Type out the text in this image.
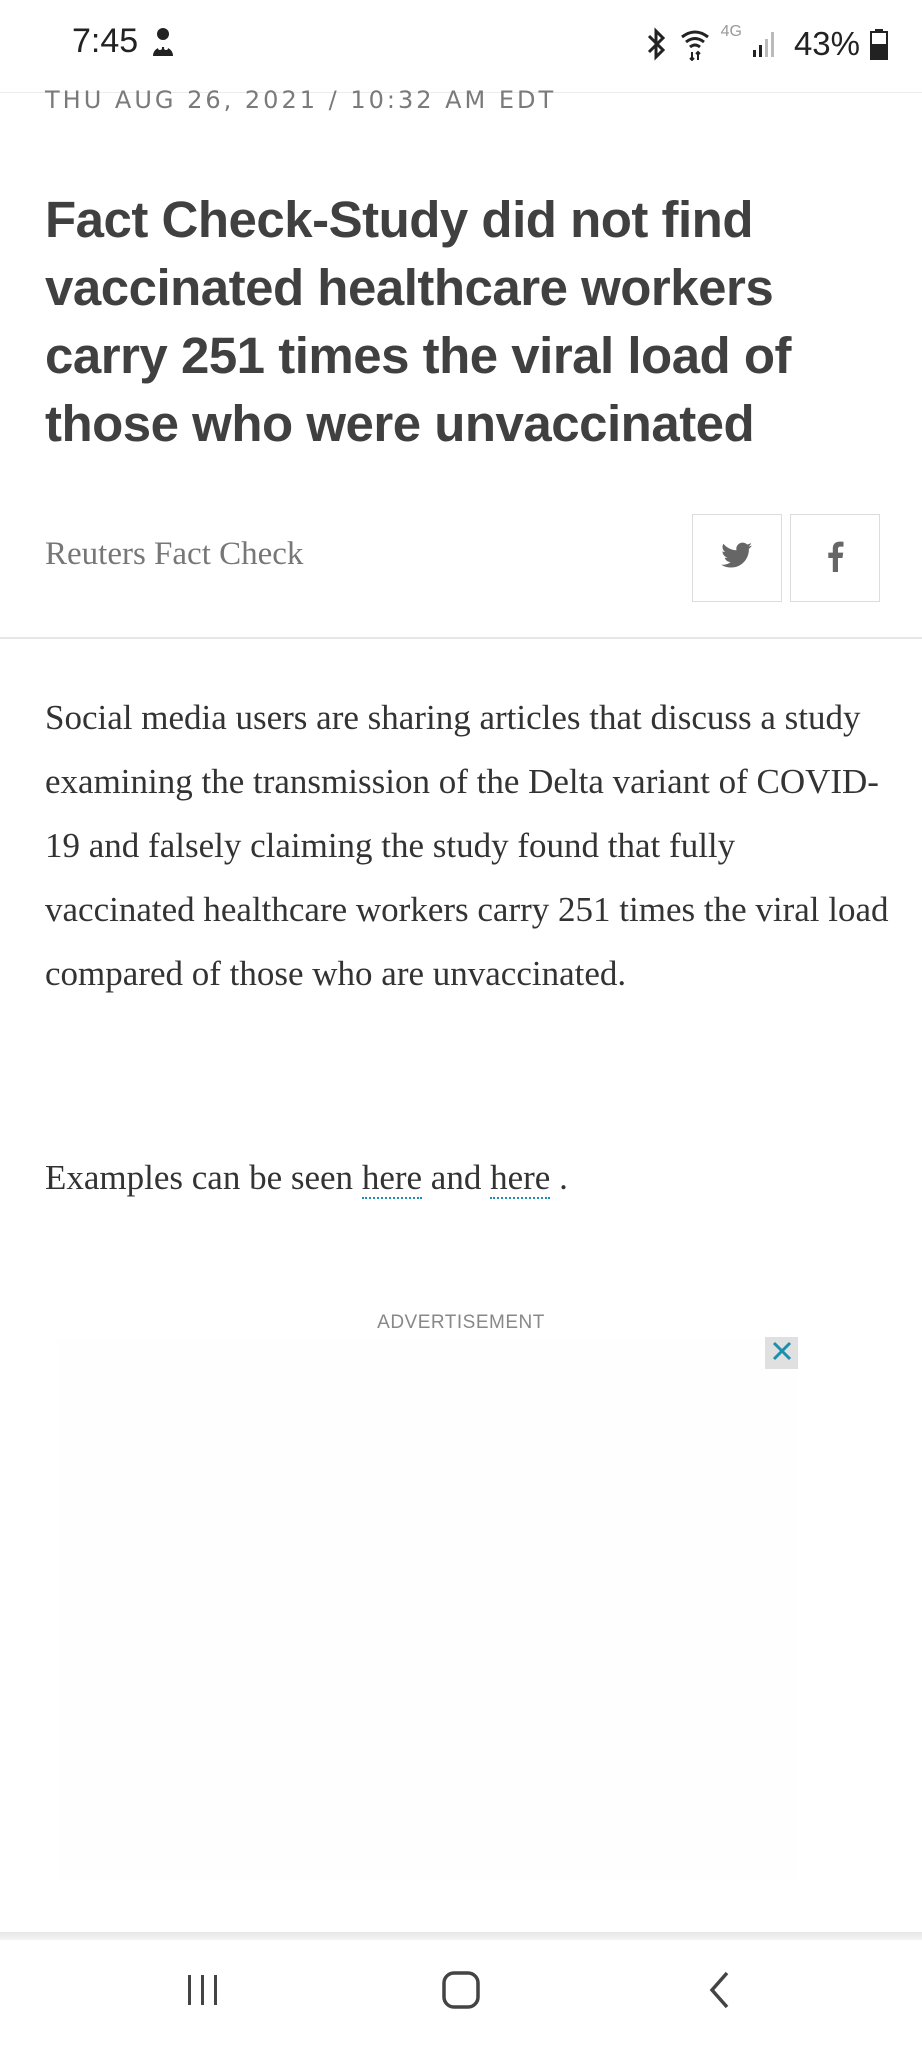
7:45	4G 43%
THU AUG 26, 2021 / 10:32 AM EDT
Fact Check-Study did not find vaccinated healthcare workers carry 251 times the viral load of those who were unvaccinated
Reuters Fact Check

Social media users are sharing articles that discuss a study examining the transmission of the Delta variant of COVID-19 and falsely claiming the study found that fully vaccinated healthcare workers carry 251 times the viral load compared of those who are unvaccinated.

Examples can be seen here and here .

ADVERTISEMENT
